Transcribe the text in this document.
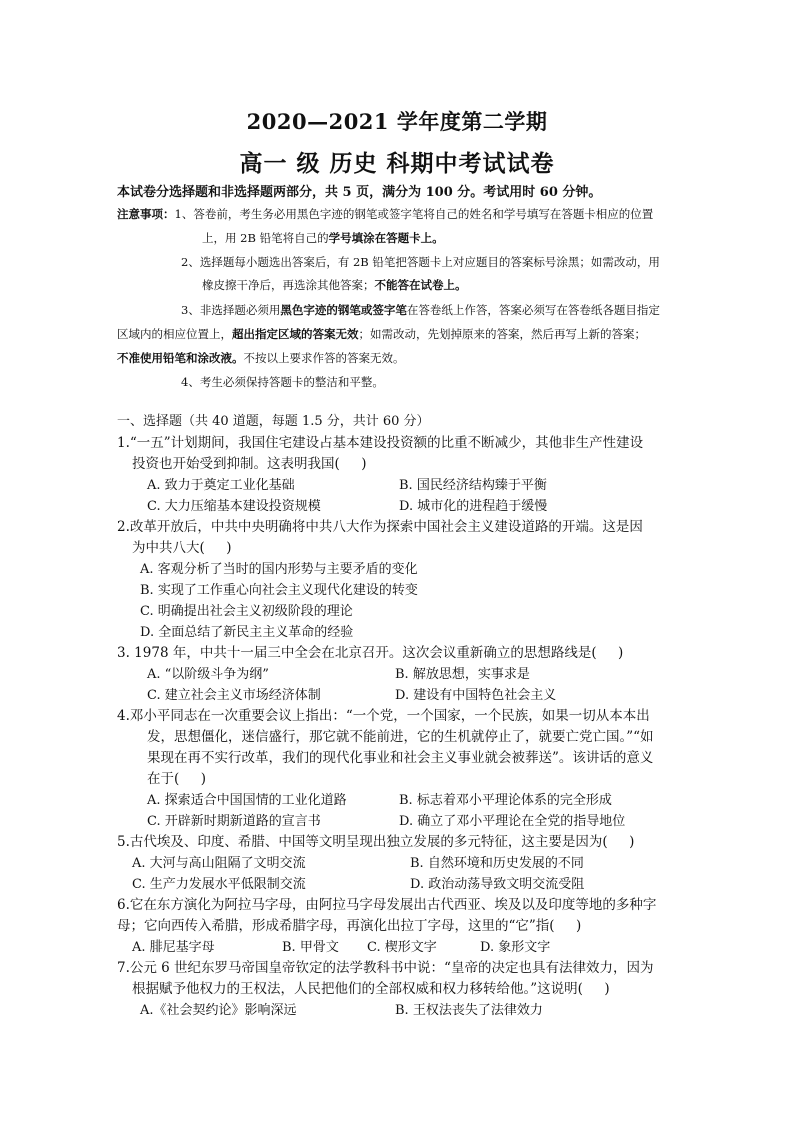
2020—2021 学年度第二学期
高一 级 历史 科期中考试试卷
本试卷分选择题和非选择题两部分，共 5 页，满分为 100 分。考试用时 60 分钟。
注意事项：1、答卷前，考生务必用黑色字迹的钢笔或签字笔将自己的姓名和学号填写在答题卡相应的位置
上，用 2B 铅笔将自己的学号填涂在答题卡上。
2、选择题每小题选出答案后，有 2B 铅笔把答题卡上对应题目的答案标号涂黑；如需改动，用
橡皮擦干净后，再选涂其他答案；不能答在试卷上。
3、非选择题必须用黑色字迹的钢笔或签字笔在答卷纸上作答，答案必须写在答卷纸各题目指定
区域内的相应位置上，超出指定区域的答案无效；如需改动，先划掉原来的答案，然后再写上新的答案；
不准使用铅笔和涂改液。不按以上要求作答的答案无效。
4、考生必须保持答题卡的整洁和平整。
一、选择题（共 40 道题，每题 1.5 分，共计 60 分）
1.“一五”计划期间，我国住宅建设占基本建设投资额的比重不断减少，其他非生产性建设
投资也开始受到抑制。这表明我国(     )
A. 致力于奠定工业化基础	B. 国民经济结构臻于平衡
C. 大力压缩基本建设投资规模	D. 城市化的进程趋于缓慢
2.改革开放后，中共中央明确将中共八大作为探索中国社会主义建设道路的开端。这是因
为中共八大(     )
A. 客观分析了当时的国内形势与主要矛盾的变化
B. 实现了工作重心向社会主义现代化建设的转变
C. 明确提出社会主义初级阶段的理论
D. 全面总结了新民主主义革命的经验
3. 1978 年，中共十一届三中全会在北京召开。这次会议重新确立的思想路线是(     )
A. “以阶级斗争为纲”	B. 解放思想，实事求是
C. 建立社会主义市场经济体制	D. 建设有中国特色社会主义
4.邓小平同志在一次重要会议上指出：“一个党，一个国家，一个民族，如果一切从本本出
发，思想僵化，迷信盛行，那它就不能前进，它的生机就停止了，就要亡党亡国。”“如
果现在再不实行改革，我们的现代化事业和社会主义事业就会被葬送”。该讲话的意义
在于(     )
A. 探索适合中国国情的工业化道路	B. 标志着邓小平理论体系的完全形成
C. 开辟新时期新道路的宣言书	D. 确立了邓小平理论在全党的指导地位
5.古代埃及、印度、希腊、中国等文明呈现出独立发展的多元特征，这主要是因为(     )
A. 大河与高山阻隔了文明交流	B. 自然环境和历史发展的不同
C. 生产力发展水平低限制交流	D. 政治动荡导致文明交流受阻
6.它在东方演化为阿拉马字母，由阿拉马字母发展出古代西亚、埃及以及印度等地的多种字
母；它向西传入希腊，形成希腊字母，再演化出拉丁字母，这里的“它”指(     )
A. 腓尼基字母	B. 甲骨文 C. 楔形文字	D. 象形文字
7.公元 6 世纪东罗马帝国皇帝钦定的法学教科书中说：“皇帝的决定也具有法律效力，因为
根据赋予他权力的王权法，人民把他们的全部权威和权力移转给他。”这说明(     )
A.《社会契约论》影响深远	B. 王权法丧失了法律效力
